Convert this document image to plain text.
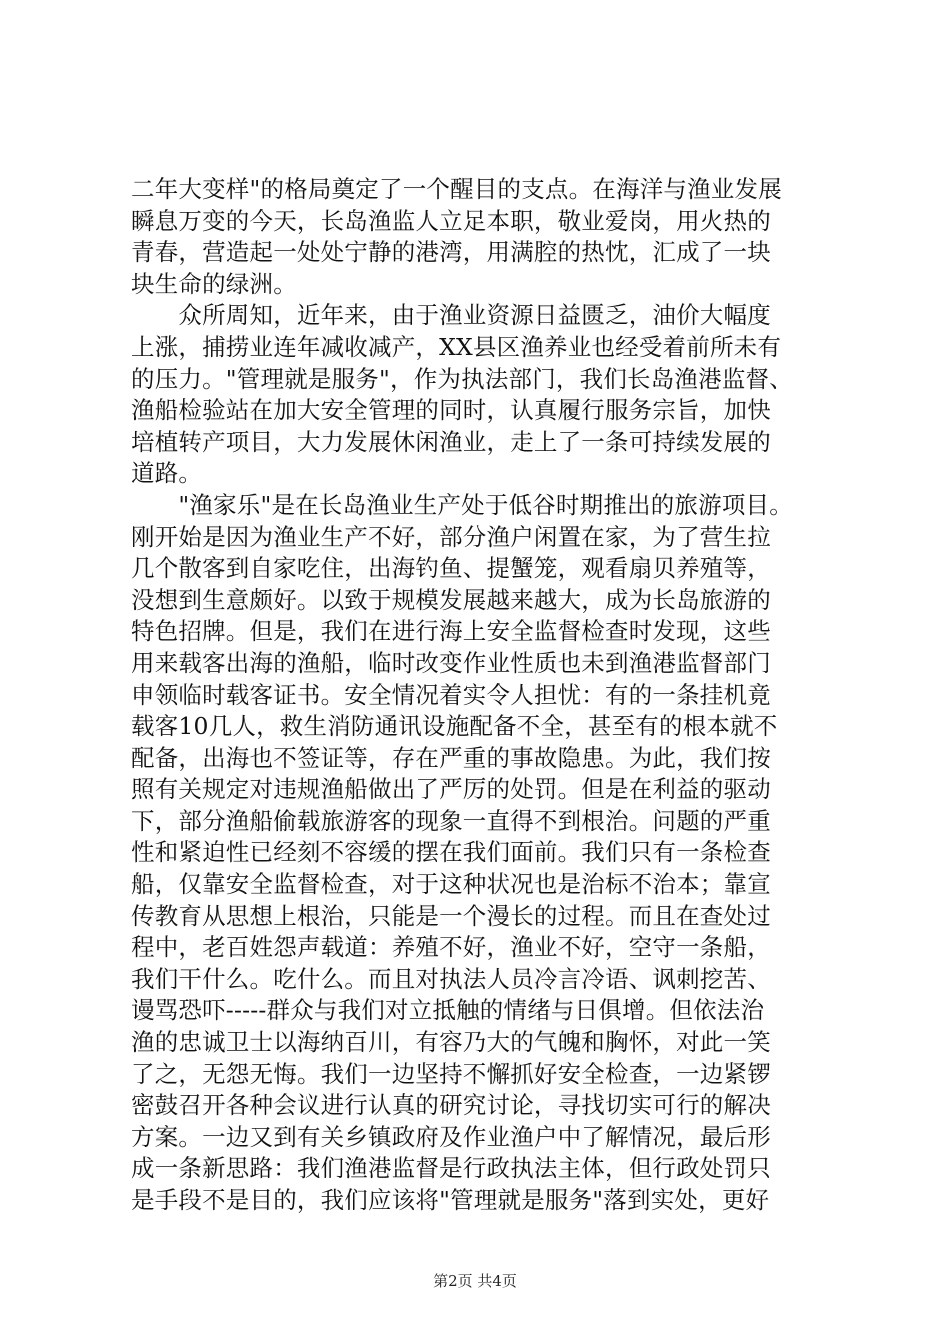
二年大变样"的格局奠定了一个醒目的支点。在海洋与渔业发展
瞬息万变的今天，长岛渔监人立足本职，敬业爱岗，用火热的
青春，营造起一处处宁静的港湾，用满腔的热忱，汇成了一块
块生命的绿洲。
　　众所周知，近年来，由于渔业资源日益匮乏，油价大幅度
上涨，捕捞业连年减收减产，XX县区渔养业也经受着前所未有
的压力。"管理就是服务"，作为执法部门，我们长岛渔港监督、
渔船检验站在加大安全管理的同时，认真履行服务宗旨，加快
培植转产项目，大力发展休闲渔业，走上了一条可持续发展的
道路。
　　"渔家乐"是在长岛渔业生产处于低谷时期推出的旅游项目。
刚开始是因为渔业生产不好，部分渔户闲置在家，为了营生拉
几个散客到自家吃住，出海钓鱼、提蟹笼，观看扇贝养殖等，
没想到生意颇好。以致于规模发展越来越大，成为长岛旅游的
特色招牌。但是，我们在进行海上安全监督检查时发现，这些
用来载客出海的渔船，临时改变作业性质也未到渔港监督部门
申领临时载客证书。安全情况着实令人担忧：有的一条挂机竟
载客10几人，救生消防通讯设施配备不全，甚至有的根本就不
配备，出海也不签证等，存在严重的事故隐患。为此，我们按
照有关规定对违规渔船做出了严厉的处罚。但是在利益的驱动
下，部分渔船偷载旅游客的现象一直得不到根治。问题的严重
性和紧迫性已经刻不容缓的摆在我们面前。我们只有一条检查
船，仅靠安全监督检查，对于这种状况也是治标不治本；靠宣
传教育从思想上根治，只能是一个漫长的过程。而且在查处过
程中，老百姓怨声载道：养殖不好，渔业不好，空守一条船，
我们干什么。吃什么。而且对执法人员冷言冷语、讽刺挖苦、
谩骂恐吓-----群众与我们对立抵触的情绪与日俱增。但依法治
渔的忠诚卫士以海纳百川，有容乃大的气魄和胸怀，对此一笑
了之，无怨无悔。我们一边坚持不懈抓好安全检查，一边紧锣
密鼓召开各种会议进行认真的研究讨论，寻找切实可行的解决
方案。一边又到有关乡镇政府及作业渔户中了解情况，最后形
成一条新思路：我们渔港监督是行政执法主体，但行政处罚只
是手段不是目的，我们应该将"管理就是服务"落到实处，更好
第2页 共4页
